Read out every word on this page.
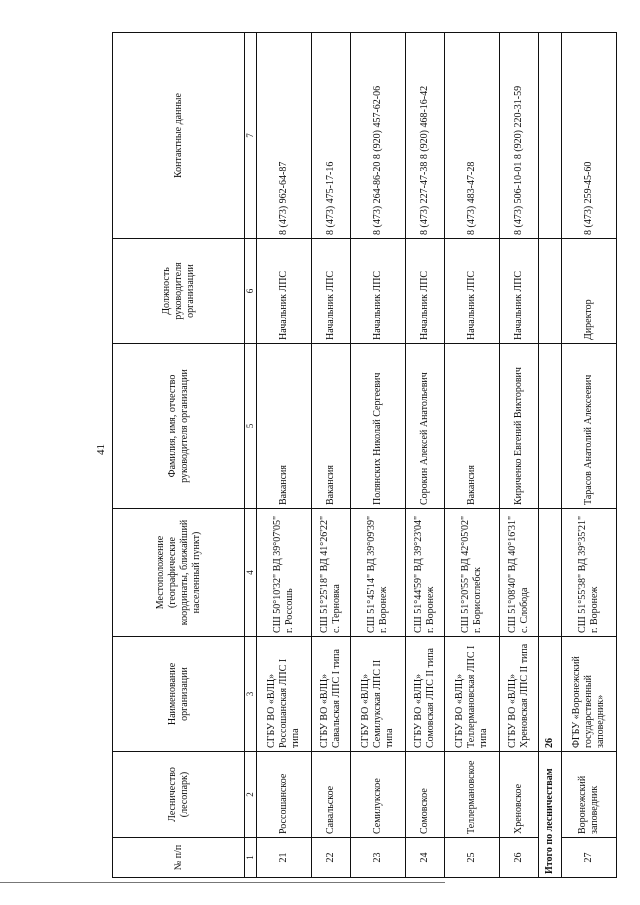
41
№ п/п	Лесничество (лесопарк)	Наименование организации	Местоположение (географические координаты, ближайший населенный пункт)	Фамилия, имя, отчество руководителя организации	Должность руководителя организации	Контактные данные
1	2	3	4	5	6	7
21	Россошанское	СГБУ ВО «ВЛЦ» Россошанская ЛПС I типа	СШ 50°10'32" ВД 39°07'05" г. Россошь	Вакансия	Начальник ЛПС	8 (473) 962-64-87
22	Савальское	СГБУ ВО «ВЛЦ» Савальская ЛПС I типа	СШ 51°25'18" ВД 41°26'22" с. Терновка	Вакансия	Начальник ЛПС	8 (473) 475-17-16
23	Семилукское	СГБУ ВО «ВЛЦ» Семилукская ЛПС II типа	СШ 51°45'14" ВД 39°09'39" г. Воронеж	Полянских Николай Сергеевич	Начальник ЛПС	8 (473) 264-86-20 8 (920) 457-62-06
24	Сомовское	СГБУ ВО «ВЛЦ» Сомовская ЛПС II типа	СШ 51°44'59" ВД 39°23'04" г. Воронеж	Сорокин Алексей Анатольевич	Начальник ЛПС	8 (473) 227-47-38 8 (920) 468-16-42
25	Теллермановское	СГБУ ВО «ВЛЦ» Теллермановская ЛПС I типа	СШ 51°20'55" ВД 42°05'02" г. Борисоглебск	Вакансия	Начальник ЛПС	8 (473) 483-47-28
26	Хреновское	СГБУ ВО «ВЛЦ» Хреновская ЛПС II типа	СШ 51°08'40" ВД 40°16'31" с. Слобода	Кириченко Евгений Викторович	Начальник ЛПС	8 (473) 506-10-01 8 (920) 220-31-59
Итого по лесничествам		26				
27	Воронежский заповедник	ФГБУ «Воронежский государственный заповедник»	СШ 51°55'38" ВД 39°35'21" г. Воронеж	Тарасов Анатолий Алексеевич	Директор	8 (473) 259-45-60
